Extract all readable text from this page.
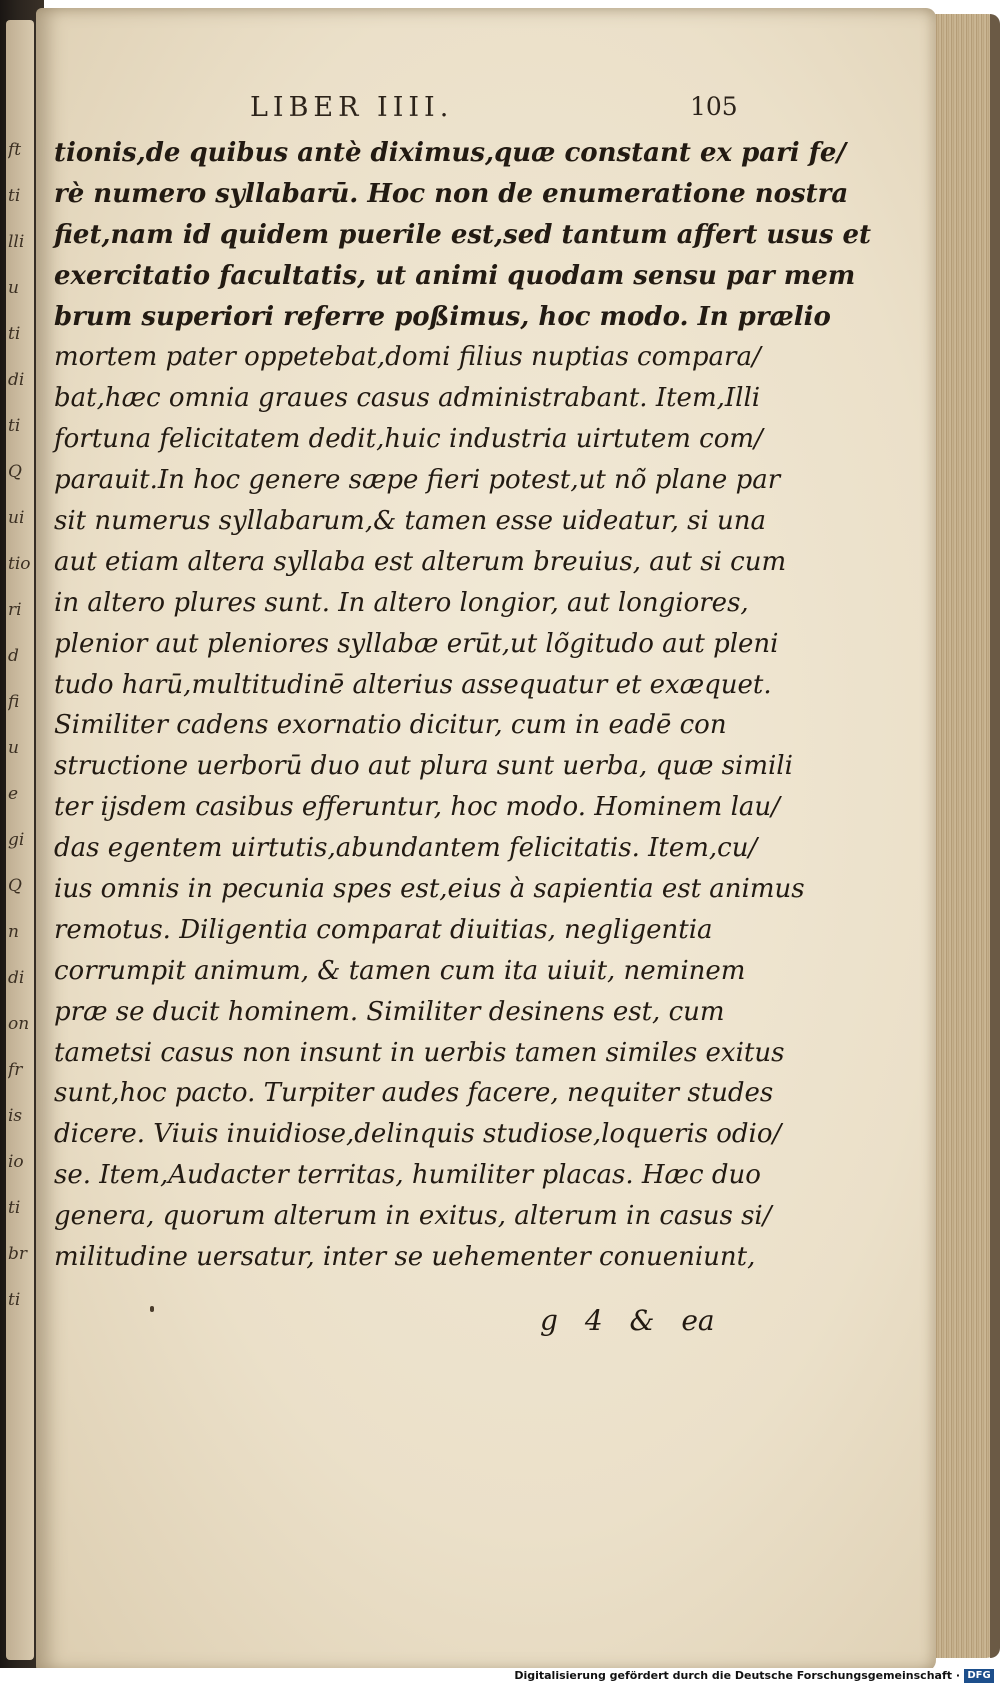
ft
ti
lli
u
ti
di
ti
Q
ui
tio
ri
d
fi
u
e
gi
Q
n
di
on
fr
is
io
ti
br
ti
LIBER IIII.	105
tionis,de quibus antè diximus,quæ constant ex pari fe/
rè numero syllabarū. Hoc non de enumeratione nostra
fiet,nam id quidem puerile est,sed tantum affert usus et
exercitatio facultatis, ut animi quodam sensu par mem
brum superiori referre poßimus, hoc modo. In prælio
mortem pater oppetebat,domi filius nuptias compara/
bat,hæc omnia graues casus administrabant. Item,Illi
fortuna felicitatem dedit,huic industria uirtutem com/
parauit.In hoc genere sæpe fieri potest,ut nõ plane par
sit numerus syllabarum,& tamen esse uideatur, si una
aut etiam altera syllaba est alterum breuius, aut si cum
in altero plures sunt. In altero longior, aut longiores,
plenior aut pleniores syllabæ erūt,ut lõgitudo aut pleni
tudo harū,multitudinē alterius assequatur et exæquet.
Similiter cadens exornatio dicitur, cum in eadē con
structione uerborū duo aut plura sunt uerba, quæ simili
ter ijsdem casibus efferuntur, hoc modo. Hominem lau/
das egentem uirtutis,abundantem felicitatis. Item,cu/
ius omnis in pecunia spes est,eius à sapientia est animus
remotus. Diligentia comparat diuitias, negligentia
corrumpit animum, & tamen cum ita uiuit, neminem
præ se ducit hominem. Similiter desinens est, cum
tametsi casus non insunt in uerbis tamen similes exitus
sunt,hoc pacto. Turpiter audes facere, nequiter studes
dicere. Viuis inuidiose,delinquis studiose,loqueris odio/
se. Item,Audacter territas, humiliter placas. Hæc duo
genera, quorum alterum in exitus, alterum in casus si/
militudine uersatur, inter se uehementer conueniunt,
g 4 & ea
Digitalisierung gefördert durch die Deutsche Forschungsgemeinschaft · DFG
